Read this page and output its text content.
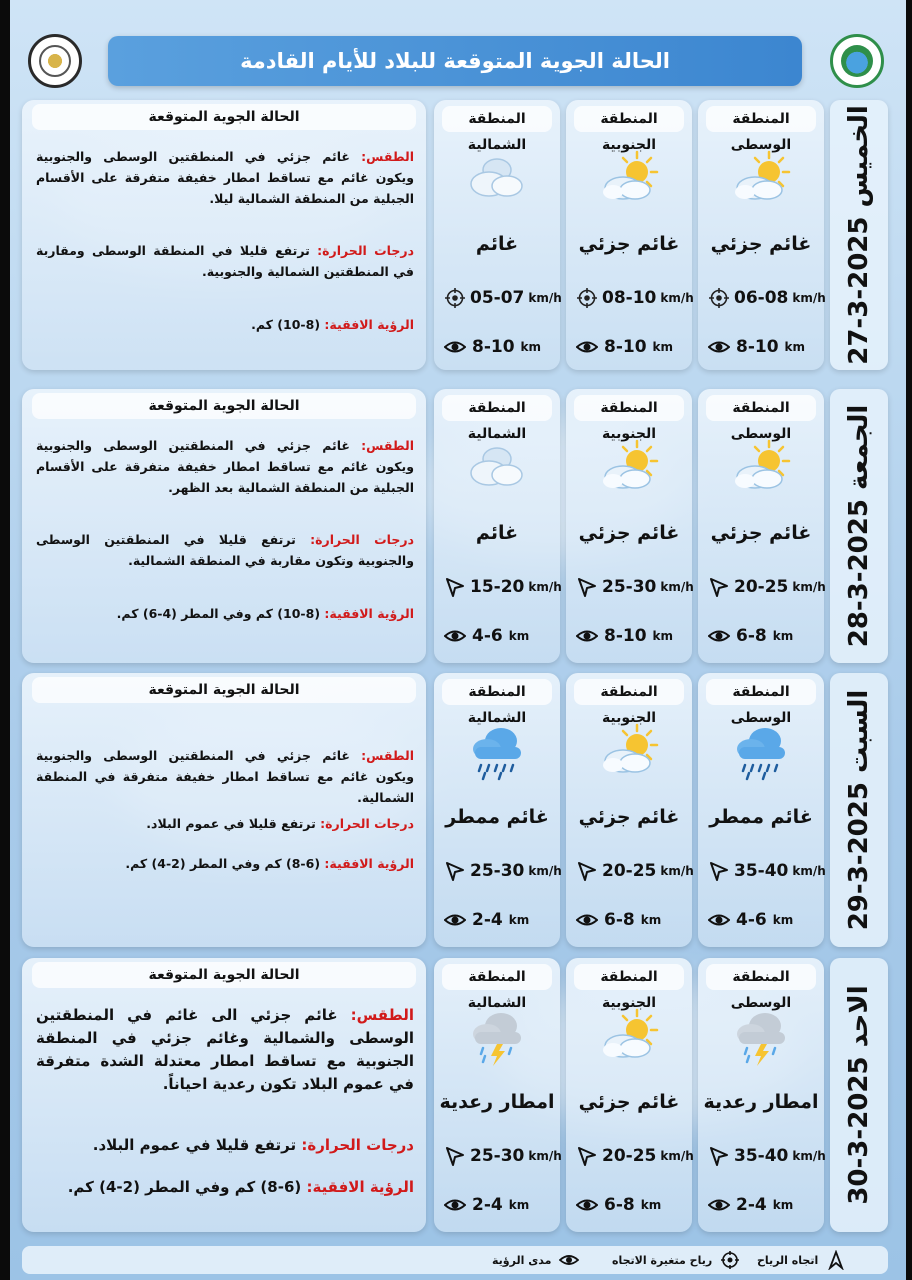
الحالة الجوية المتوقعة للبلاد للأيام القادمة
الخميس 2025-3-27
المنطقة الوسطى
غائم جزئي
06-08 km/h
8-10 km
المنطقة الجنوبية
غائم جزئي
08-10 km/h
8-10 km
المنطقة الشمالية
غائم
05-07 km/h
8-10 km
الحالة الجوية المتوقعة

الطقس: غائم جزئي في المنطقتين الوسطى والجنوبية ويكون غائم مع تساقط امطار خفيفة متفرقة على الأقسام الجبلية من المنطقة الشمالية ليلا.

درجات الحرارة: ترتفع قليلا في المنطقة الوسطى ومقاربة في المنطقتين الشمالية والجنوبية.

الرؤية الافقية: (8-10) كم.

الجمعة 2025-3-28
المنطقة الوسطى
غائم جزئي
20-25 km/h
6-8 km
المنطقة الجنوبية
غائم جزئي
25-30 km/h
8-10 km
المنطقة الشمالية
غائم
15-20 km/h
4-6 km
الحالة الجوية المتوقعة

الطقس: غائم جزئي في المنطقتين الوسطى والجنوبية ويكون غائم مع تساقط امطار خفيفة متفرقة على الأقسام الجبلية من المنطقة الشمالية بعد الظهر.

درجات الحرارة: ترتفع قليلا في المنطقتين الوسطى والجنوبية وتكون مقاربة في المنطقة الشمالية.

الرؤية الافقية: (8-10) كم وفي المطر (4-6) كم.

السبت 2025-3-29
المنطقة الوسطى
غائم ممطر
35-40 km/h
4-6 km
المنطقة الجنوبية
غائم جزئي
20-25 km/h
6-8 km
المنطقة الشمالية
غائم ممطر
25-30 km/h
2-4 km
الحالة الجوية المتوقعة

الطقس: غائم جزئي في المنطقتين الوسطى والجنوبية ويكون غائم مع تساقط امطار خفيفة متفرقة في المنطقة الشمالية.

درجات الحرارة: ترتفع قليلا في عموم البلاد.

الرؤية الافقية: (6-8) كم وفي المطر (2-4) كم.

الاحد 2025-3-30
المنطقة الوسطى
امطار رعدية
35-40 km/h
2-4 km
المنطقة الجنوبية
غائم جزئي
20-25 km/h
6-8 km
المنطقة الشمالية
امطار رعدية
25-30 km/h
2-4 km
الحالة الجوية المتوقعة

الطقس: غائم جزئي الى غائم في المنطقتين الوسطى والشمالية وغائم جزئي في المنطقة الجنوبية مع تساقط امطار معتدلة الشدة متفرقة في عموم البلاد تكون رعدية احياناً.

درجات الحرارة: ترتفع قليلا في عموم البلاد.

الرؤية الافقية: (6-8) كم وفي المطر (2-4) كم.

اتجاه الرياح
رياح متغيرة الاتجاه
مدى الرؤية
